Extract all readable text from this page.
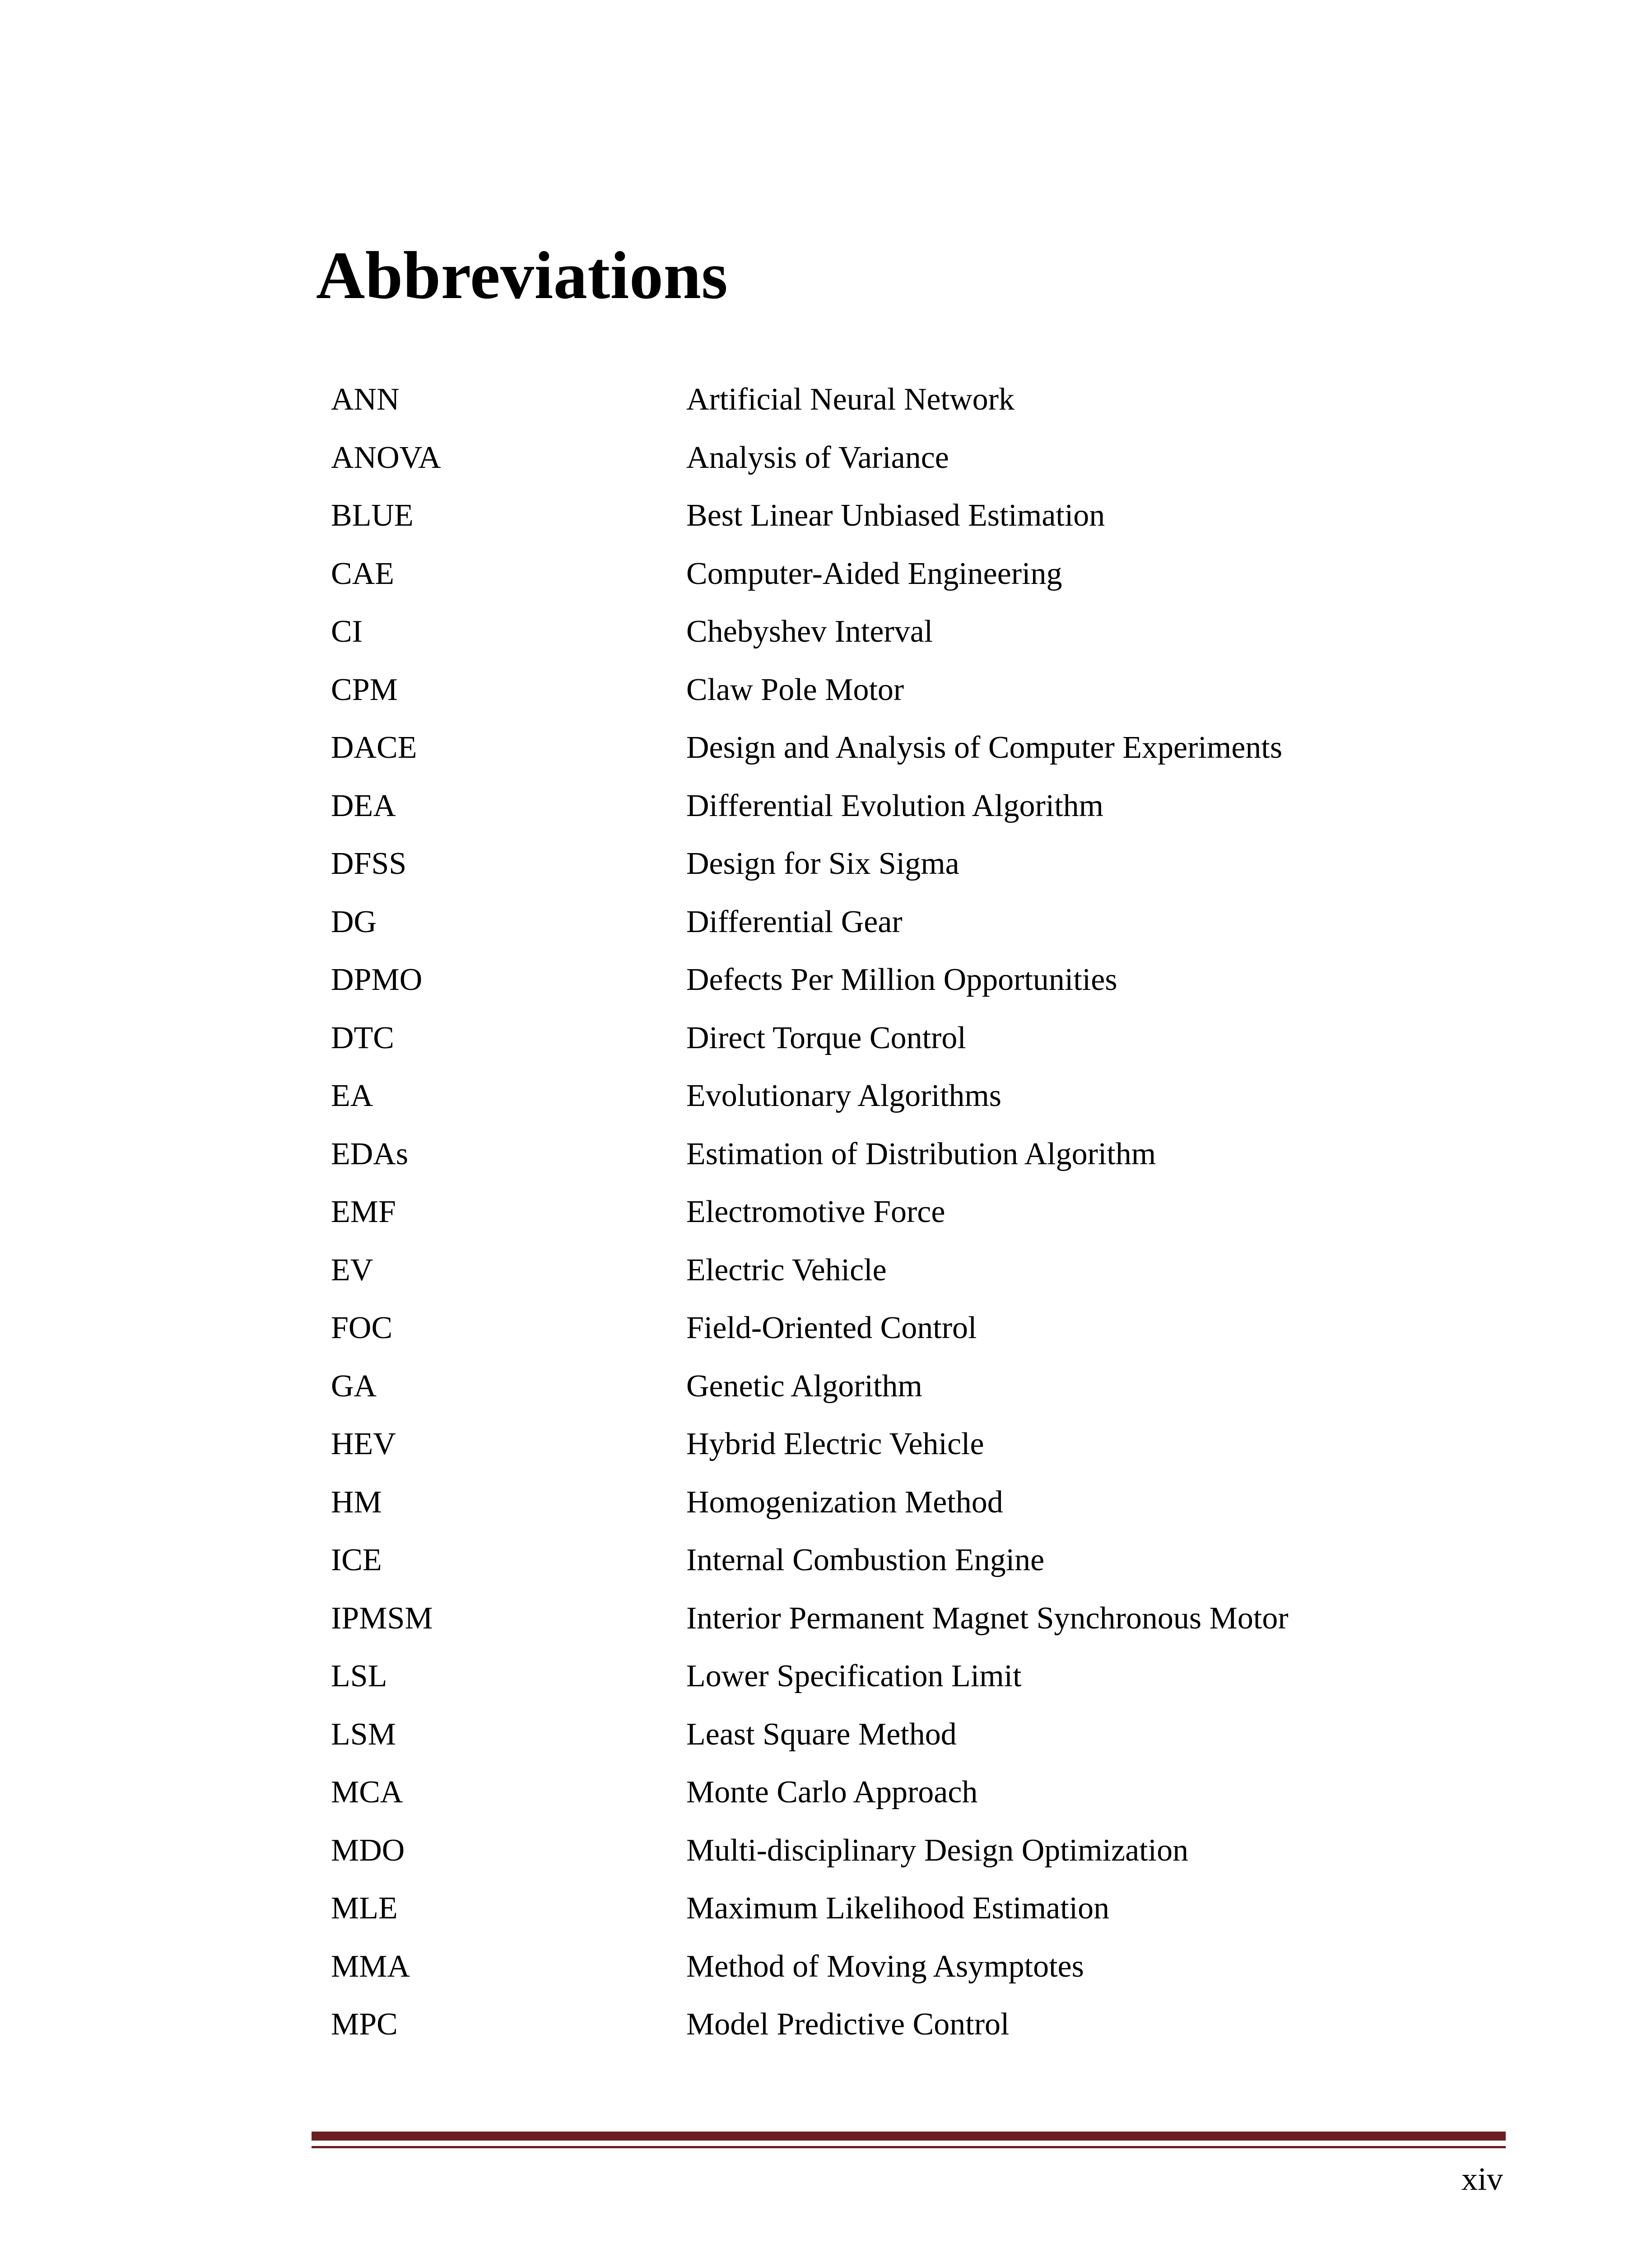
Abbreviations
ANN	Artificial Neural Network
ANOVA	Analysis of Variance
BLUE	Best Linear Unbiased Estimation
CAE	Computer-Aided Engineering
CI	Chebyshev Interval
CPM	Claw Pole Motor
DACE	Design and Analysis of Computer Experiments
DEA	Differential Evolution Algorithm
DFSS	Design for Six Sigma
DG	Differential Gear
DPMO	Defects Per Million Opportunities
DTC	Direct Torque Control
EA	Evolutionary Algorithms
EDAs	Estimation of Distribution Algorithm
EMF	Electromotive Force
EV	Electric Vehicle
FOC	Field-Oriented Control
GA	Genetic Algorithm
HEV	Hybrid Electric Vehicle
HM	Homogenization Method
ICE	Internal Combustion Engine
IPMSM	Interior Permanent Magnet Synchronous Motor
LSL	Lower Specification Limit
LSM	Least Square Method
MCA	Monte Carlo Approach
MDO	Multi-disciplinary Design Optimization
MLE	Maximum Likelihood Estimation
MMA	Method of Moving Asymptotes
MPC	Model Predictive Control
xiv
